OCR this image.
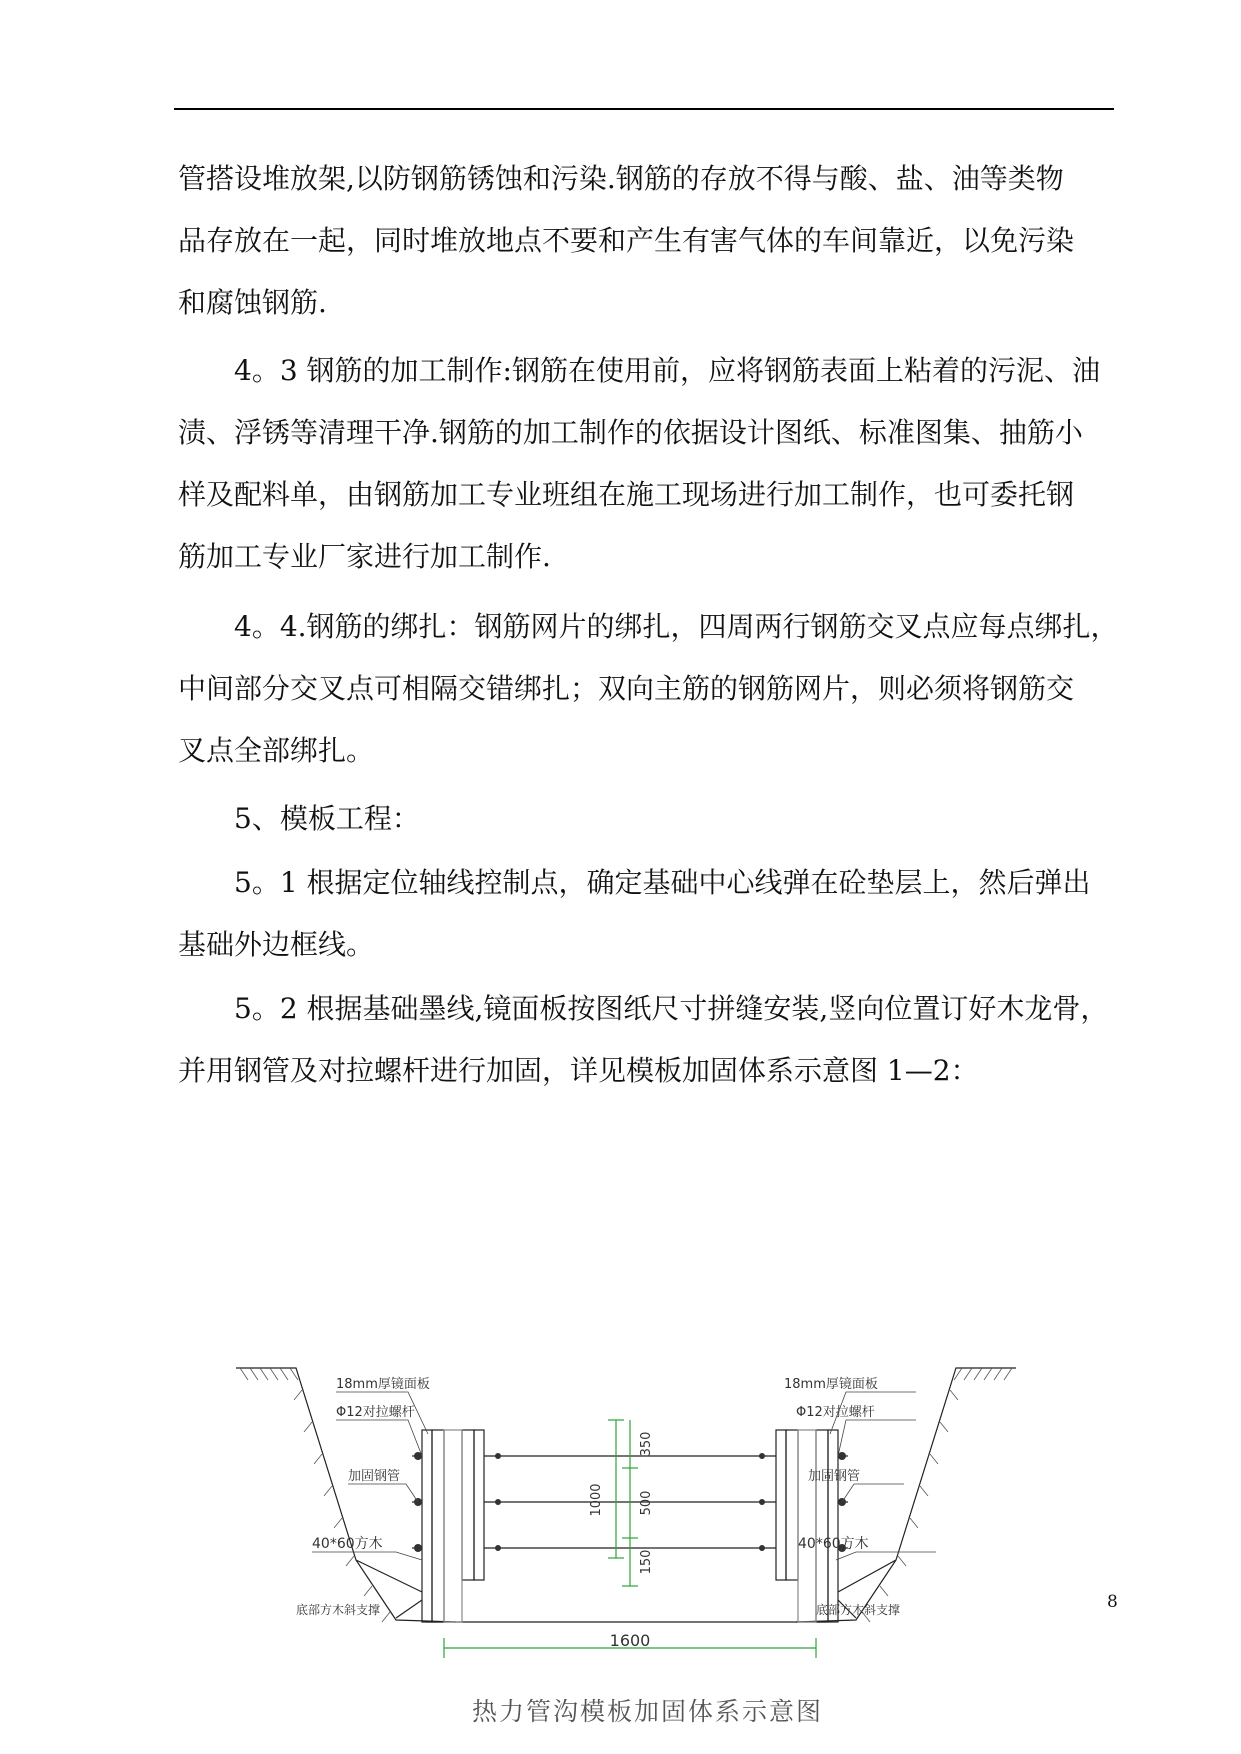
管搭设堆放架,以防钢筋锈蚀和污染.钢筋的存放不得与酸、盐、油等类物
品存放在一起，同时堆放地点不要和产生有害气体的车间靠近，以免污染
和腐蚀钢筋.
4。3 钢筋的加工制作:钢筋在使用前，应将钢筋表面上粘着的污泥、油
渍、浮锈等清理干净.钢筋的加工制作的依据设计图纸、标准图集、抽筋小
样及配料单，由钢筋加工专业班组在施工现场进行加工制作，也可委托钢
筋加工专业厂家进行加工制作.
4。4.钢筋的绑扎：钢筋网片的绑扎，四周两行钢筋交叉点应每点绑扎，
中间部分交叉点可相隔交错绑扎；双向主筋的钢筋网片，则必须将钢筋交
叉点全部绑扎。
5、模板工程：
5。1 根据定位轴线控制点，确定基础中心线弹在砼垫层上，然后弹出
基础外边框线。
5。2 根据基础墨线,镜面板按图纸尺寸拼缝安装,竖向位置订好木龙骨，
并用钢管及对拉螺杆进行加固，详见模板加固体系示意图 1—2：
1000
350
500
150
1600
18mm厚镜面板
Φ12对拉螺杆
加固钢管
40*60方木
底部方木斜支撑
18mm厚镜面板
Φ12对拉螺杆
加固钢管
40*60方木
底部方木斜支撑	8
热力管沟模板加固体系示意图
